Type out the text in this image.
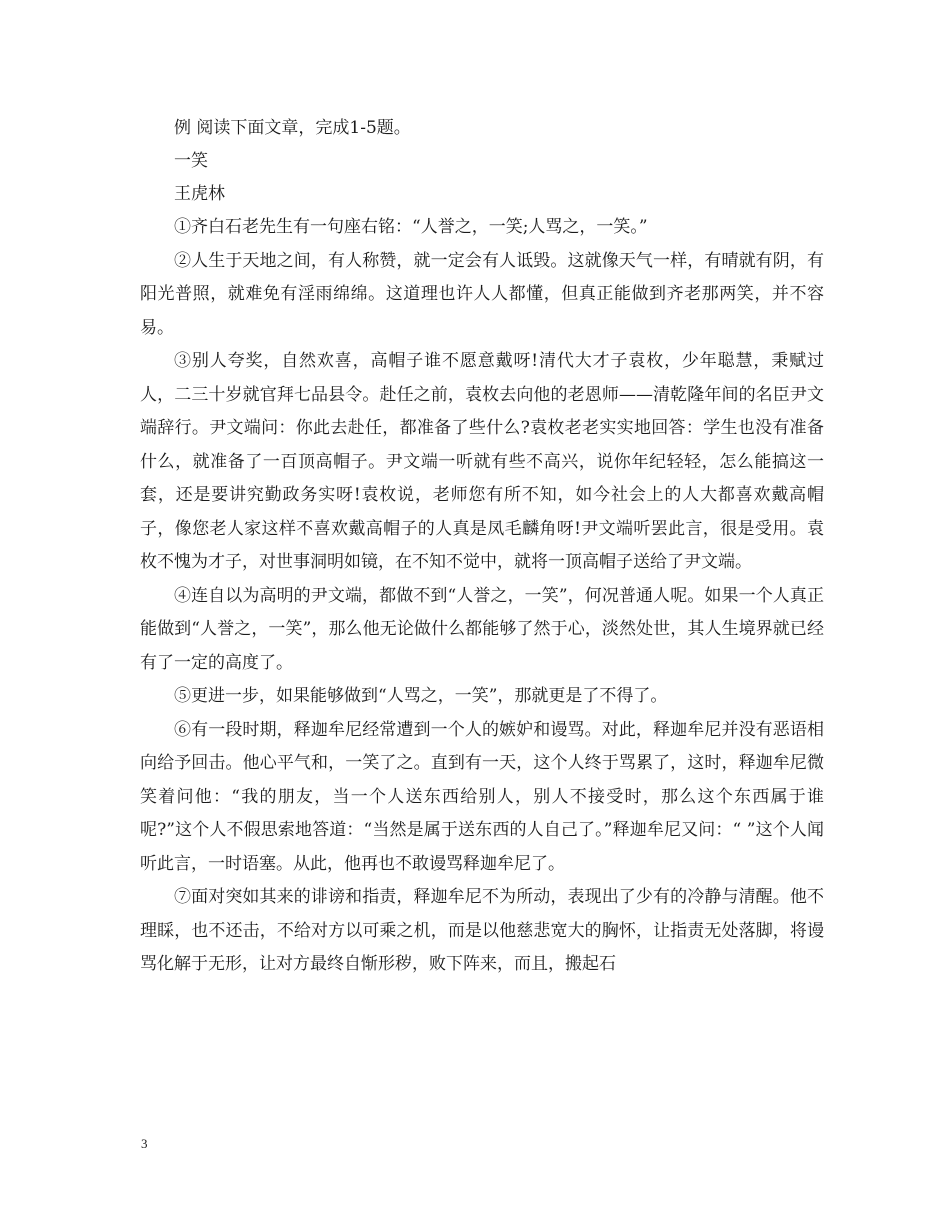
例 阅读下面文章，完成1-5题。

一笑

王虎林

①齐白石老先生有一句座右铭：“人誉之，一笑;人骂之，一笑。”

②人生于天地之间，有人称赞，就一定会有人诋毁。这就像天气一样，有晴就有阴，有阳光普照，就难免有淫雨绵绵。这道理也许人人都懂，但真正能做到齐老那两笑，并不容易。

③别人夸奖，自然欢喜，高帽子谁不愿意戴呀!清代大才子袁枚，少年聪慧，秉赋过人，二三十岁就官拜七品县令。赴任之前，袁枚去向他的老恩师——清乾隆年间的名臣尹文端辞行。尹文端问：你此去赴任，都准备了些什么?袁枚老老实实地回答：学生也没有准备什么，就准备了一百顶高帽子。尹文端一听就有些不高兴，说你年纪轻轻，怎么能搞这一套，还是要讲究勤政务实呀!袁枚说，老师您有所不知，如今社会上的人大都喜欢戴高帽子，像您老人家这样不喜欢戴高帽子的人真是凤毛麟角呀!尹文端听罢此言，很是受用。袁枚不愧为才子，对世事洞明如镜，在不知不觉中，就将一顶高帽子送给了尹文端。

④连自以为高明的尹文端，都做不到“人誉之，一笑”，何况普通人呢。如果一个人真正能做到“人誉之，一笑”，那么他无论做什么都能够了然于心，淡然处世，其人生境界就已经有了一定的高度了。

⑤更进一步，如果能够做到“人骂之，一笑”，那就更是了不得了。

⑥有一段时期，释迦牟尼经常遭到一个人的嫉妒和谩骂。对此，释迦牟尼并没有恶语相向给予回击。他心平气和，一笑了之。直到有一天，这个人终于骂累了，这时，释迦牟尼微笑着问他：“我的朋友，当一个人送东西给别人，别人不接受时，那么这个东西属于谁呢?”这个人不假思索地答道：“当然是属于送东西的人自己了。”释迦牟尼又问：“ ”这个人闻听此言，一时语塞。从此，他再也不敢谩骂释迦牟尼了。

⑦面对突如其来的诽谤和指责，释迦牟尼不为所动，表现出了少有的冷静与清醒。他不理睬，也不还击，不给对方以可乘之机，而是以他慈悲宽大的胸怀，让指责无处落脚，将谩骂化解于无形，让对方最终自惭形秽，败下阵来，而且，搬起石

3
